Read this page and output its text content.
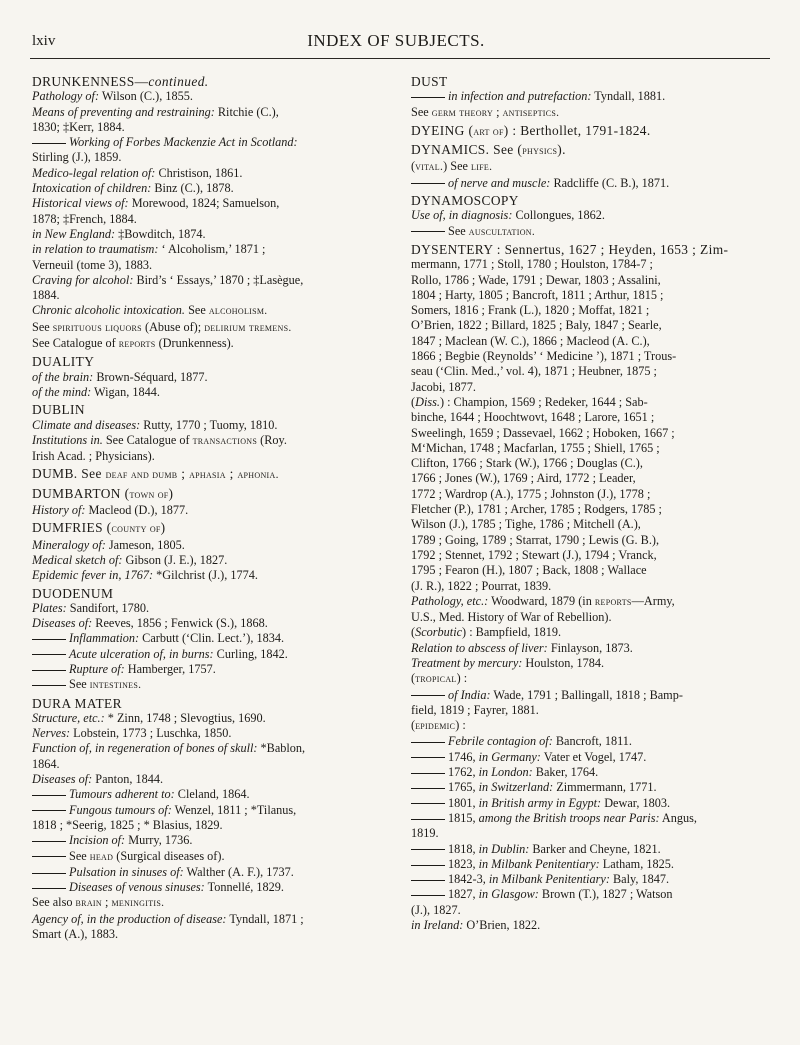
lxiv	INDEX OF SUBJECTS.
DRUNKENNESS—continued.
Pathology of: Wilson (C.), 1855.
Means of preventing and restraining: Ritchie (C.),
1830; ‡Kerr, 1884.
Working of Forbes Mackenzie Act in Scotland:
Stirling (J.), 1859.
Medico-legal relation of: Christison, 1861.
Intoxication of children: Binz (C.), 1878.
Historical views of: Morewood, 1824; Samuelson,
1878; ‡French, 1884.
in New England: ‡Bowditch, 1874.
in relation to traumatism: ‘ Alcoholism,’ 1871 ;
Verneuil (tome 3), 1883.
Craving for alcohol: Bird’s ‘ Essays,’ 1870 ; ‡Lasègue,
1884.
Chronic alcoholic intoxication. See alcoholism.
See spirituous liquors (Abuse of); delirium tremens.
See Catalogue of reports (Drunkenness).
DUALITY
of the brain: Brown-Séquard, 1877.
of the mind: Wigan, 1844.
DUBLIN
Climate and diseases: Rutty, 1770 ; Tuomy, 1810.
Institutions in. See Catalogue of transactions (Roy.
Irish Acad. ; Physicians).
DUMB. See deaf and dumb ; aphasia ; aphonia.
DUMBARTON (town of)
History of: Macleod (D.), 1877.
DUMFRIES (county of)
Mineralogy of: Jameson, 1805.
Medical sketch of: Gibson (J. E.), 1827.
Epidemic fever in, 1767: *Gilchrist (J.), 1774.
DUODENUM
Plates: Sandifort, 1780.
Diseases of: Reeves, 1856 ; Fenwick (S.), 1868.
Inflammation: Carbutt (‘Clin. Lect.’), 1834.
Acute ulceration of, in burns: Curling, 1842.
Rupture of: Hamberger, 1757.
See intestines.
DURA MATER
Structure, etc.: * Zinn, 1748 ; Slevogtius, 1690.
Nerves: Lobstein, 1773 ; Luschka, 1850.
Function of, in regeneration of bones of skull: *Bablon,
1864.
Diseases of: Panton, 1844.
Tumours adherent to: Cleland, 1864.
Fungous tumours of: Wenzel, 1811 ; *Tilanus,
1818 ; *Seerig, 1825 ; * Blasius, 1829.
Incision of: Murry, 1736.
See head (Surgical diseases of).
Pulsation in sinuses of: Walther (A. F.), 1737.
Diseases of venous sinuses: Tonnellé, 1829.
See also brain ; meningitis.
Agency of, in the production of disease: Tyndall, 1871 ;
Smart (A.), 1883.
DUST
in infection and putrefaction: Tyndall, 1881.
See germ theory ; antiseptics.
DYEING (art of) : Berthollet, 1791-1824.
DYNAMICS. See (physics).
(vital.) See life.
of nerve and muscle: Radcliffe (C. B.), 1871.
DYNAMOSCOPY
Use of, in diagnosis: Collongues, 1862.
See auscultation.
DYSENTERY : Sennertus, 1627 ; Heyden, 1653 ; Zim-
mermann, 1771 ; Stoll, 1780 ; Houlston, 1784-7 ;
Rollo, 1786 ; Wade, 1791 ; Dewar, 1803 ; Assalini,
1804 ; Harty, 1805 ; Bancroft, 1811 ; Arthur, 1815 ;
Somers, 1816 ; Frank (L.), 1820 ; Moffat, 1821 ;
O’Brien, 1822 ; Billard, 1825 ; Baly, 1847 ; Searle,
1847 ; Maclean (W. C.), 1866 ; Macleod (A. C.),
1866 ; Begbie (Reynolds’ ‘ Medicine ’), 1871 ; Trous-
seau (‘Clin. Med.,’ vol. 4), 1871 ; Heubner, 1875 ;
Jacobi, 1877.
(Diss.) : Champion, 1569 ; Redeker, 1644 ; Sab-
binche, 1644 ; Hoochtwovt, 1648 ; Larore, 1651 ;
Sweelingh, 1659 ; Dassevael, 1662 ; Hoboken, 1667 ;
M‘Michan, 1748 ; Macfarlan, 1755 ; Shiell, 1765 ;
Clifton, 1766 ; Stark (W.), 1766 ; Douglas (C.),
1766 ; Jones (W.), 1769 ; Aird, 1772 ; Leader,
1772 ; Wardrop (A.), 1775 ; Johnston (J.), 1778 ;
Fletcher (P.), 1781 ; Archer, 1785 ; Rodgers, 1785 ;
Wilson (J.), 1785 ; Tighe, 1786 ; Mitchell (A.),
1789 ; Going, 1789 ; Starrat, 1790 ; Lewis (G. B.),
1792 ; Stennet, 1792 ; Stewart (J.), 1794 ; Vranck,
1795 ; Fearon (H.), 1807 ; Back, 1808 ; Wallace
(J. R.), 1822 ; Pourrat, 1839.
Pathology, etc.: Woodward, 1879 (in reports—Army,
U.S., Med. History of War of Rebellion).
(Scorbutic) : Bampfield, 1819.
Relation to abscess of liver: Finlayson, 1873.
Treatment by mercury: Houlston, 1784.
(tropical) :
of India: Wade, 1791 ; Ballingall, 1818 ; Bamp-
field, 1819 ; Fayrer, 1881.
(epidemic) :
Febrile contagion of: Bancroft, 1811.
1746, in Germany: Vater et Vogel, 1747.
1762, in London: Baker, 1764.
1765, in Switzerland: Zimmermann, 1771.
1801, in British army in Egypt: Dewar, 1803.
1815, among the British troops near Paris: Angus,
1819.
1818, in Dublin: Barker and Cheyne, 1821.
1823, in Milbank Penitentiary: Latham, 1825.
1842-3, in Milbank Penitentiary: Baly, 1847.
1827, in Glasgow: Brown (T.), 1827 ; Watson
(J.), 1827.
in Ireland: O’Brien, 1822.
